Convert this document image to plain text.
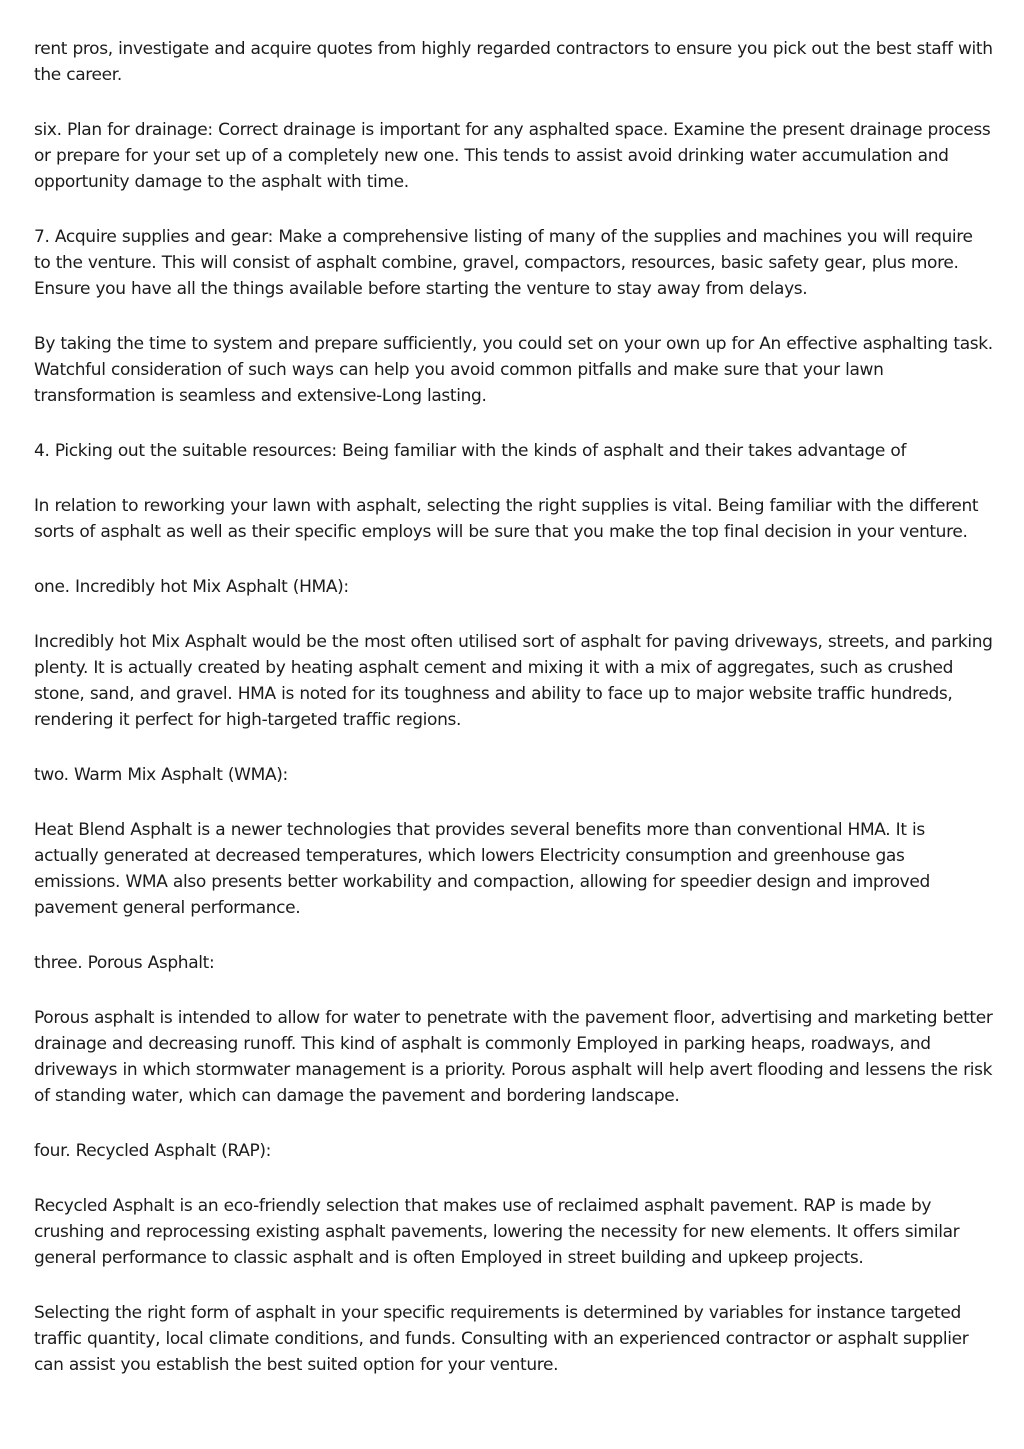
rent pros, investigate and acquire quotes from highly regarded contractors to ensure you pick out the best staff with the career.

six. Plan for drainage: Correct drainage is important for any asphalted space. Examine the present drainage process or prepare for your set up of a completely new one. This tends to assist avoid drinking water accumulation and opportunity damage to the asphalt with time.

7. Acquire supplies and gear: Make a comprehensive listing of many of the supplies and machines you will require to the venture. This will consist of asphalt combine, gravel, compactors, resources, basic safety gear, plus more. Ensure you have all the things available before starting the venture to stay away from delays.

By taking the time to system and prepare sufficiently, you could set on your own up for An effective asphalting task. Watchful consideration of such ways can help you avoid common pitfalls and make sure that your lawn transformation is seamless and extensive-Long lasting.

4. Picking out the suitable resources: Being familiar with the kinds of asphalt and their takes advantage of

In relation to reworking your lawn with asphalt, selecting the right supplies is vital. Being familiar with the different sorts of asphalt as well as their specific employs will be sure that you make the top final decision in your venture.

one. Incredibly hot Mix Asphalt (HMA):

Incredibly hot Mix Asphalt would be the most often utilised sort of asphalt for paving driveways, streets, and parking plenty. It is actually created by heating asphalt cement and mixing it with a mix of aggregates, such as crushed stone, sand, and gravel. HMA is noted for its toughness and ability to face up to major website traffic hundreds, rendering it perfect for high-targeted traffic regions.

two. Warm Mix Asphalt (WMA):

Heat Blend Asphalt is a newer technologies that provides several benefits more than conventional HMA. It is actually generated at decreased temperatures, which lowers Electricity consumption and greenhouse gas emissions. WMA also presents better workability and compaction, allowing for speedier design and improved pavement general performance.

three. Porous Asphalt:

Porous asphalt is intended to allow for water to penetrate with the pavement floor, advertising and marketing better drainage and decreasing runoff. This kind of asphalt is commonly Employed in parking heaps, roadways, and driveways in which stormwater management is a priority. Porous asphalt will help avert flooding and lessens the risk of standing water, which can damage the pavement and bordering landscape.

four. Recycled Asphalt (RAP):

Recycled Asphalt is an eco-friendly selection that makes use of reclaimed asphalt pavement. RAP is made by crushing and reprocessing existing asphalt pavements, lowering the necessity for new elements. It offers similar general performance to classic asphalt and is often Employed in street building and upkeep projects.

Selecting the right form of asphalt in your specific requirements is determined by variables for instance targeted traffic quantity, local climate conditions, and funds. Consulting with an experienced contractor or asphalt supplier can assist you establish the best suited option for your venture.
